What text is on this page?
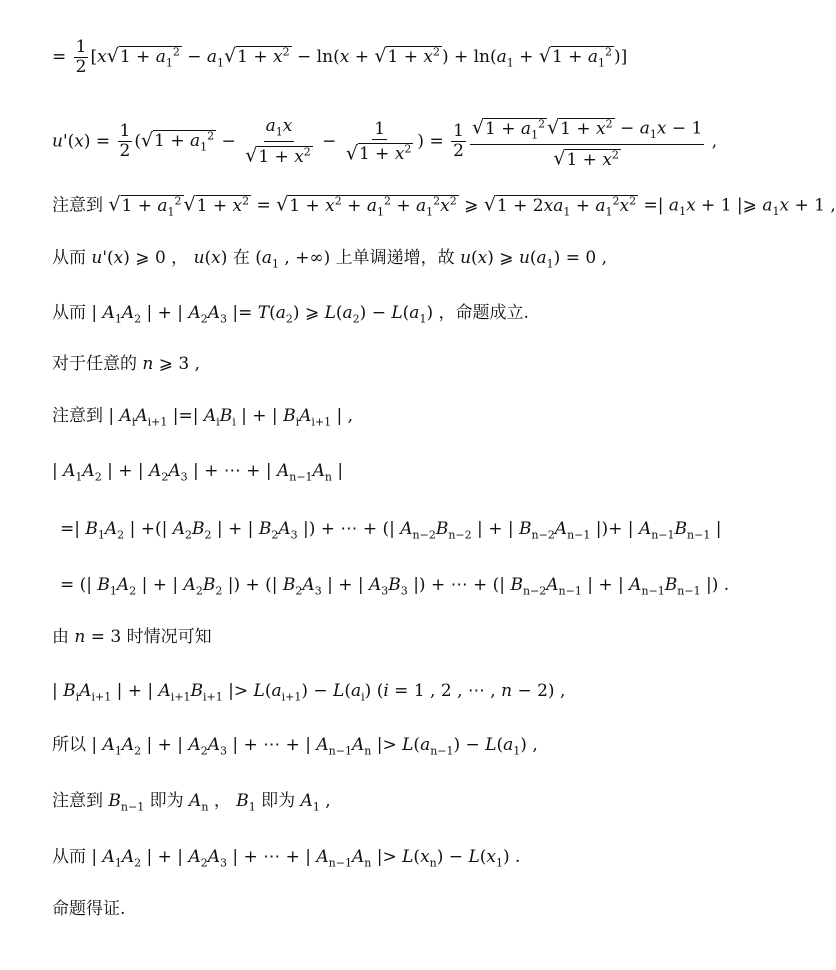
= $\frac{1}{2} [x√1 + a_1^2 - a_1√1 + x^2 - \ln(x + √1 + x^2$ ) + $\ln(a_1 + √1 + a_1^2$ )]
$u'(x) = \frac{1}{2} (√1 + a_1^2 - \frac{a_1x}{√1 + x^2} - \frac{1}{√1 + x^2}$ ) = $\frac{1}{2} \frac{√1 + a_1^2 √1 + x^2 - a_1x - 1}{√1 + x^2}$ ,
注意到 $√1 + a_1^2$ $√1 + x^2 = √1 + x^2 + a_1^2 + a_1^2x^2$ ⩾ $√1 + 2xa_1 + a_1^2x^2$ =| $a_1x + 1$ |⩾ $a_1x + 1$ ,
从而 u'(x) ⩾ 0 ， u(x) 在 ($a_1$ , +∞) 上单调递增，故 u(x) ⩾ $u(a_1) = 0$ ,
从而 | $A_1A_2$ | + | $A_2A_3$ |= $T(a_2)$ ⩾ $L(a_2) - L(a_1)$ ，命题成立.
对于任意的 n ⩾ 3 ,
注意到 | $A_iA_{i+1}$ |=| $A_iB_i$ | + | $B_iA_{i+1}$ | ,
| $A_1A_2$ | + | $A_2A_3$ | + ⋯ + | $A_{n-1}A_n$ |
=| $B_1A_2$ | +(| $A_2B_2$ | + | $B_2A_3$ |) + ⋯ + (| $A_{n-2}B_{n-2}$ | + | $B_{n-2}A_{n-1}$ |)+ | $A_{n-1}B_{n-1}$ |
= (| $B_1A_2$ | + | $A_2B_2$ |) + (| $B_2A_3$ | + | $A_3B_3$ |) + ⋯ + (| $B_{n-2}A_{n-1}$ | + | $A_{n-1}B_{n-1}$ |) .
由 n = 3 时情况可知
| $B_iA_{i+1}$ | + | $A_{i+1}B_{i+1}$ |> $L(a_{i+1}) - L(a_i) (i = 1$ , 2 , ⋯ , n − 2) ,
所以 | $A_1A_2$ | + | $A_2A_3$ | + ⋯ + | $A_{n-1}A_n$ |> $L(a_{n-1}) - L(a_1)$ ,
注意到 $B_{n-1}$ 即为 $A_n$ ， $B_1$ 即为 $A_1$ ,
从而 | $A_1A_2$ | + | $A_2A_3$ | + ⋯ + | $A_{n-1}A_n$ |> $L(x_n) - L(x_1)$ .
命题得证.
